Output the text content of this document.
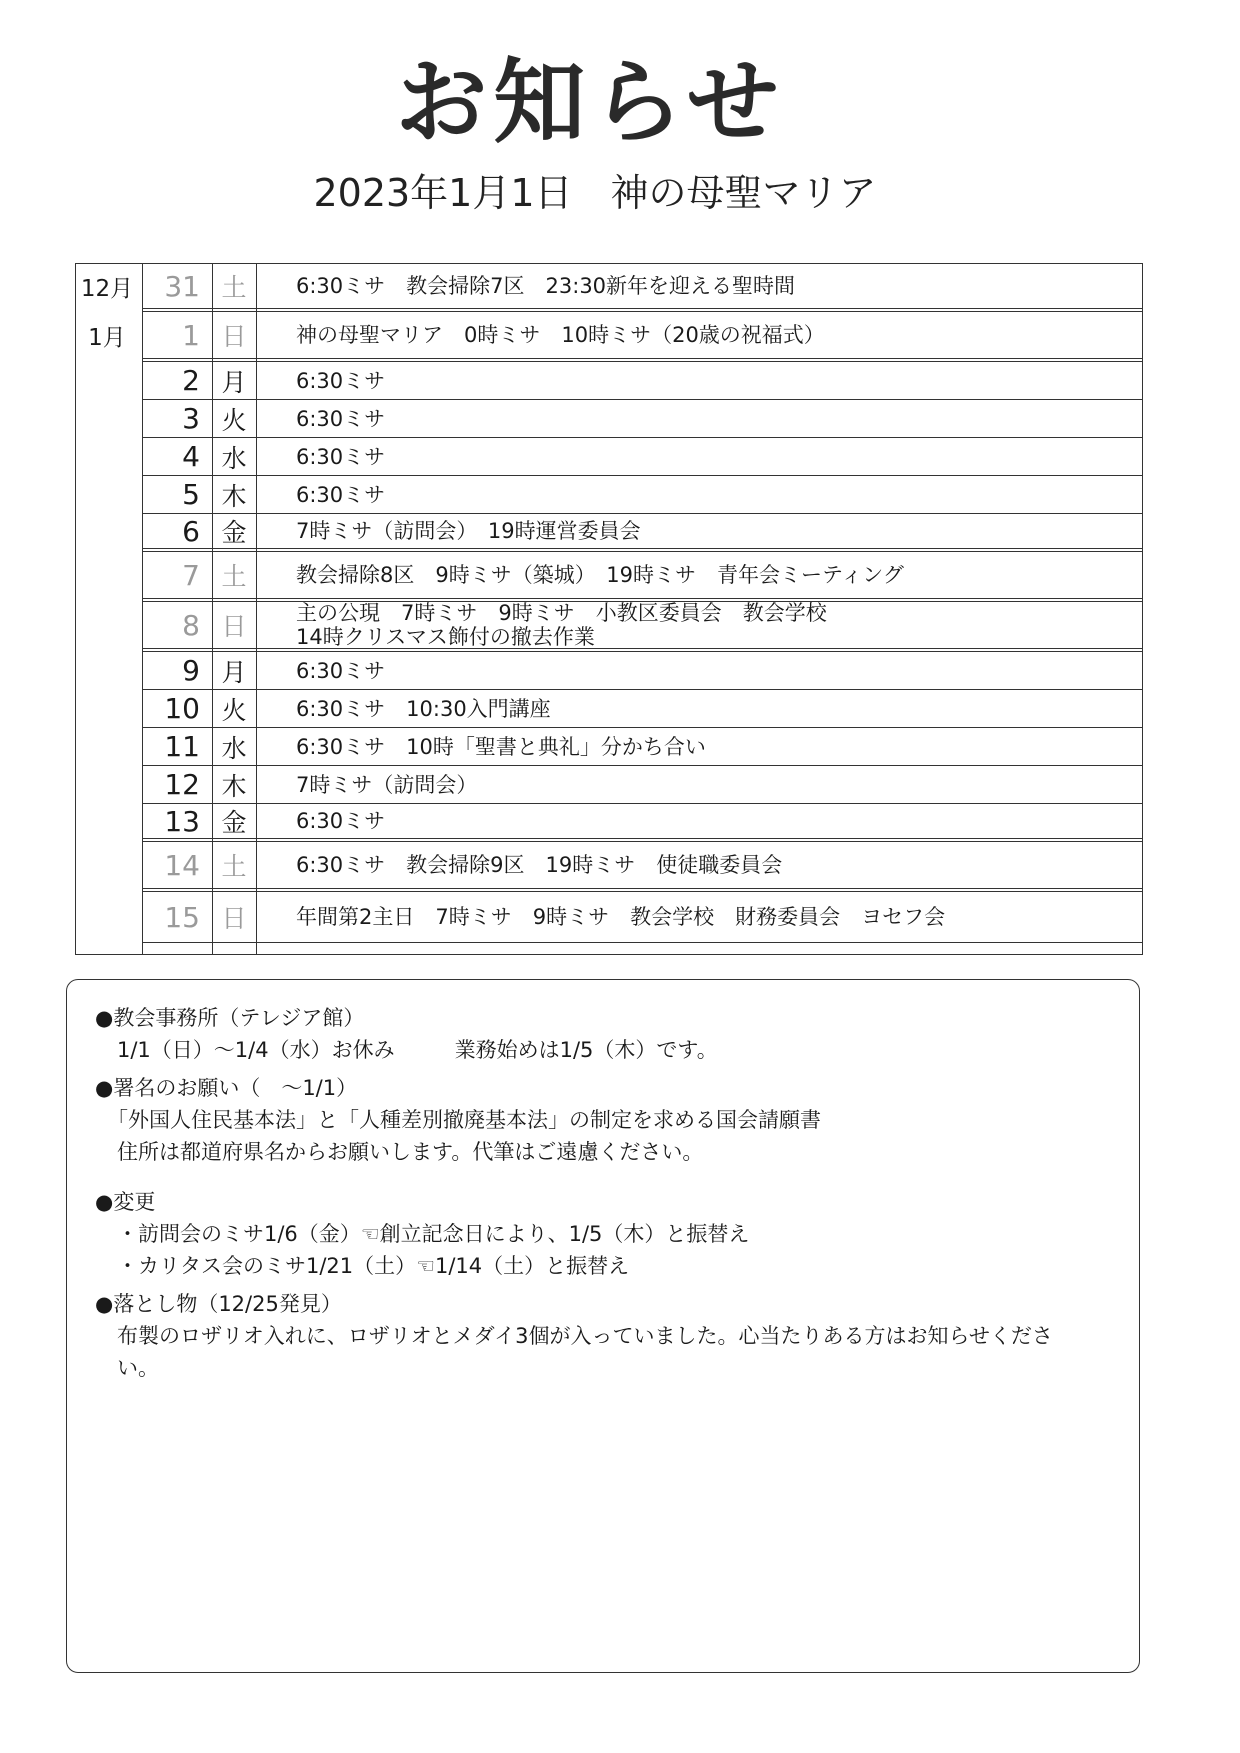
お知らせ
2023年1月1日　神の母聖マリア
12月	31 土	6:30ミサ　教会掃除7区　23:30新年を迎える聖時間
1月	1 日	神の母聖マリア　0時ミサ　10時ミサ（20歳の祝福式）
2 月	6:30ミサ
3 火	6:30ミサ
4 水	6:30ミサ
5 木	6:30ミサ
6 金	7時ミサ（訪問会）　19時運営委員会
7 土	教会掃除8区　9時ミサ（築城）　19時ミサ　青年会ミーティング
8 日	主の公現　7時ミサ　9時ミサ　小教区委員会　教会学校
14時クリスマス飾付の撤去作業
9 月	6:30ミサ
10 火	6:30ミサ　10:30入門講座
11 水	6:30ミサ　10時「聖書と典礼」分かち合い
12 木	7時ミサ（訪問会）
13 金	6:30ミサ
14 土	6:30ミサ　教会掃除9区　19時ミサ　使徒職委員会
15 日	年間第2主日　7時ミサ　9時ミサ　教会学校　財務委員会　ヨセフ会
●教会事務所（テレジア館）
1/1（日）～1/4（水）お休み	業務始めは1/5（木）です。
●署名のお願い（　～1/1）
「外国人住民基本法」と「人種差別撤廃基本法」の制定を求める国会請願書
住所は都道府県名からお願いします。代筆はご遠慮ください。
●変更
・訪問会のミサ1/6（金）☜創立記念日により、1/5（木）と振替え
・カリタス会のミサ1/21（土）☜1/14（土）と振替え
●落とし物（12/25発見）
布製のロザリオ入れに、ロザリオとメダイ3個が入っていました。心当たりある方はお知らせください。
